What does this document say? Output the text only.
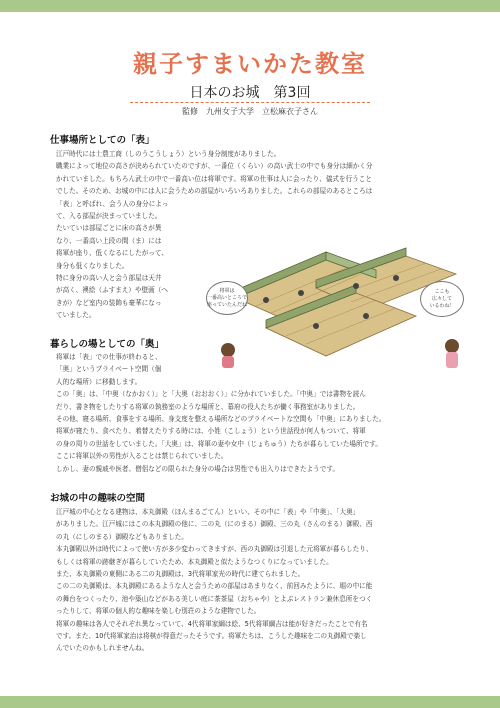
親子すまいかた教室
日本のお城　第3回
監修　九州女子大学　立松麻衣子さん
仕事場所としての「表」

江戸時代には士農工商（しのうこうしょう）という身分制度がありました。
職業によって地位の高さが決められていたのですが、一番位（くらい）の高い武士の中でも身分は細かく分
かれていました。もちろん武士の中で一番高い位は将軍です。将軍の仕事は人に会ったり、儀式を行うこと
でした。そのため、お城の中には人に会うための部屋がいろいろありました。これらの部屋のあるところは
「表」と呼ばれ、会う人の身分によっ
て、入る部屋が決まっていました。
たいていは部屋ごとに床の高さが異
なり、一番高い上段の間（ま）には
将軍が座り、低くなるにしたがって、
身分も低くなりました。
特に身分の高い人と会う部屋は天井
が高く、襖絵（ふすまえ）や壁画（へ
きが）など室内の装飾も豪華になっ
ていました。

将軍は
一番高いところで
座っていたんだね
ここも
広々して
いるわね！
暮らしの場としての「奥」

将軍は「表」での仕事が終わると、
「奥」というプライベート空間（個
人的な場所）に移動します。
この「奥」は、「中奥（なかおく）」と「大奥（おおおく）」に分かれていました。「中奥」では書物を読ん
だり、書き物をしたりする将軍の執務室のような場所と、幕府の役人たちが働く事務室がありました。
その他、寝る場所、食事をする場所、身支度を整える場所などのプライベートな空間も「中奥」にありました。
将軍が寝たり、食べたり、着替えたりする時には、小姓（こしょう）という世話役が何人もついて、将軍
の身の周りの世話をしていました。「大奥」は、将軍の妻や女中（じょちゅう）たちが暮らしていた場所です。
ここに将軍以外の男性が入ることは禁じられていました。
しかし、妻の親戚や医者、僧侶などの限られた身分の場合は男性でも出入りはできたようです。

お城の中の趣味の空間

江戸城の中心となる建物は、本丸御殿（ほんまるごてん）といい、その中に「表」や「中奥」、「大奥」
がありました。江戸城にはこの本丸御殿の他に、二の丸（にのまる）御殿、三の丸（さんのまる）御殿、西
の丸（にしのまる）御殿などもありました。
本丸御殿以外は時代によって使い方が多少変わってきますが、西の丸御殿は引退した元将軍が暮らしたり、
もしくは将軍の跡継ぎが暮らしていたため、本丸御殿と似たようなつくりになっていました。
また、本丸御殿の東側にある二の丸御殿は、3代将軍家光の時代に建てられました。
この二の丸御殿は、本丸御殿にあるような人と会うための部屋はあまりなく、前回みたように、堀の中に能
の舞台をつくったり、池や築山などがある美しい庭に茶茶屋（おちゃや）とよぶレストラン兼休息所をつく
ったりして、将軍の個人的な趣味を楽しむ別荘のような建物でした。
将軍の趣味は各人でそれぞれ異なっていて、4代将軍家綱は絵、5代将軍綱吉は能が好きだったことで有名
です。また、10代将軍家治は将棋が得意だったそうです。将軍たちは、こうした趣味を二の丸御殿で楽し
んでいたのかもしれませんね。
